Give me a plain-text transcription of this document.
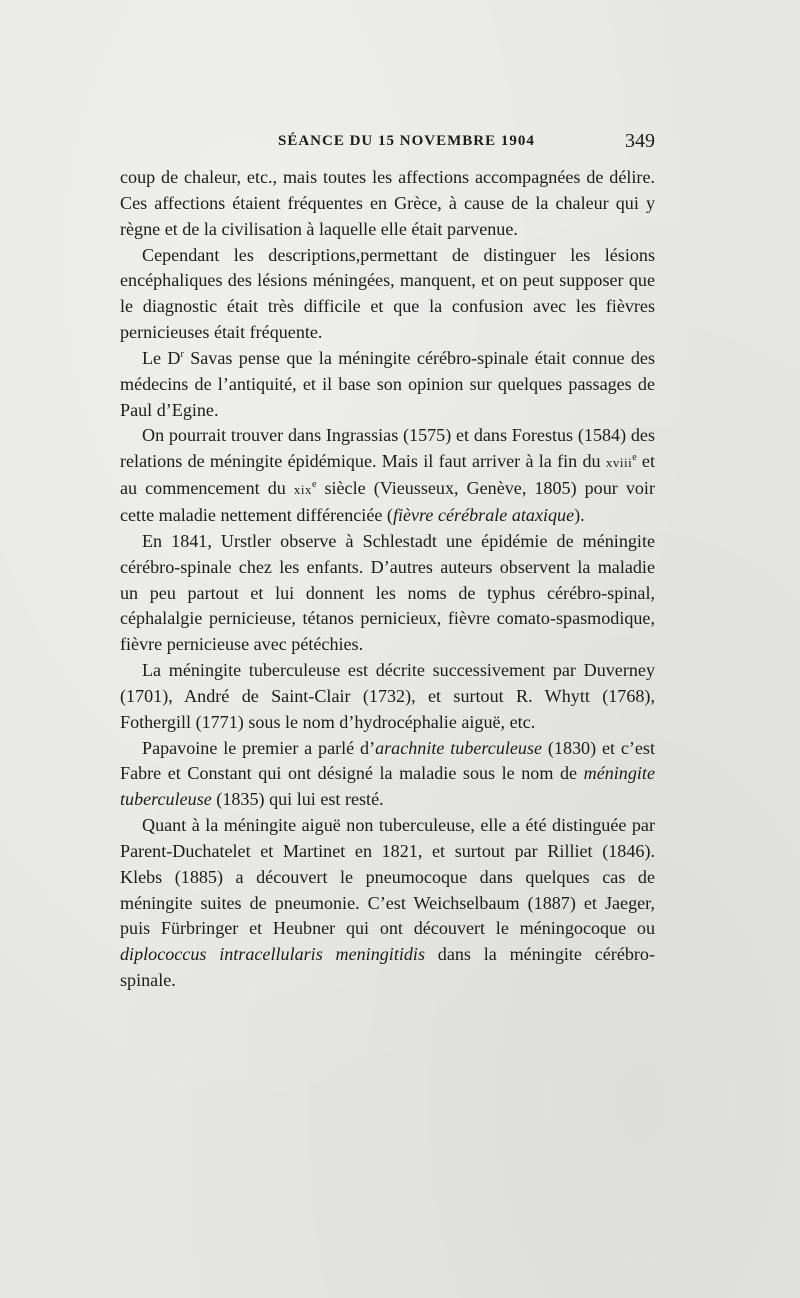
SÉANCE DU 15 NOVEMBRE 1904	349

coup de chaleur, etc., mais toutes les affections accompagnées de délire. Ces affections étaient fréquentes en Grèce, à cause de la chaleur qui y règne et de la civilisation à laquelle elle était parvenue.

Cependant les descriptions,permettant de distinguer les lésions encéphaliques des lésions méningées, manquent, et on peut supposer que le diagnostic était très difficile et que la confusion avec les fièvres pernicieuses était fréquente.

Le $D^r$ Savas pense que la méningite cérébro-spinale était connue des médecins de l’antiquité, et il base son opinion sur quelques passages de Paul d’Egine.

On pourrait trouver dans Ingrassias (1575) et dans Forestus (1584) des relations de méningite épidémique. Mais il faut arriver à la fin du xviii$^e$ et au commencement du xix$^e$ siècle (Vieusseux, Genève, 1805) pour voir cette maladie nettement différenciée (fièvre cérébrale ataxique).

En 1841, Urstler observe à Schlestadt une épidémie de méningite cérébro-spinale chez les enfants. D’autres auteurs observent la maladie un peu partout et lui donnent les noms de typhus cérébro-spinal, céphalalgie pernicieuse, tétanos pernicieux, fièvre comato-spasmodique, fièvre pernicieuse avec pétéchies.

La méningite tuberculeuse est décrite successivement par Duverney (1701), André de Saint-Clair (1732), et surtout R. Whytt (1768), Fothergill (1771) sous le nom d’hydrocéphalie aiguë, etc.

Papavoine le premier a parlé d’arachnite tuberculeuse (1830) et c’est Fabre et Constant qui ont désigné la maladie sous le nom de méningite tuberculeuse (1835) qui lui est resté.

Quant à la méningite aiguë non tuberculeuse, elle a été distinguée par Parent-Duchatelet et Martinet en 1821, et surtout par Rilliet (1846). Klebs (1885) a découvert le pneumocoque dans quelques cas de méningite suites de pneumonie. C’est Weichselbaum (1887) et Jaeger, puis Fürbringer et Heubner qui ont découvert le méningocoque ou diplococcus intracellularis meningitidis dans la méningite cérébro-spinale.
